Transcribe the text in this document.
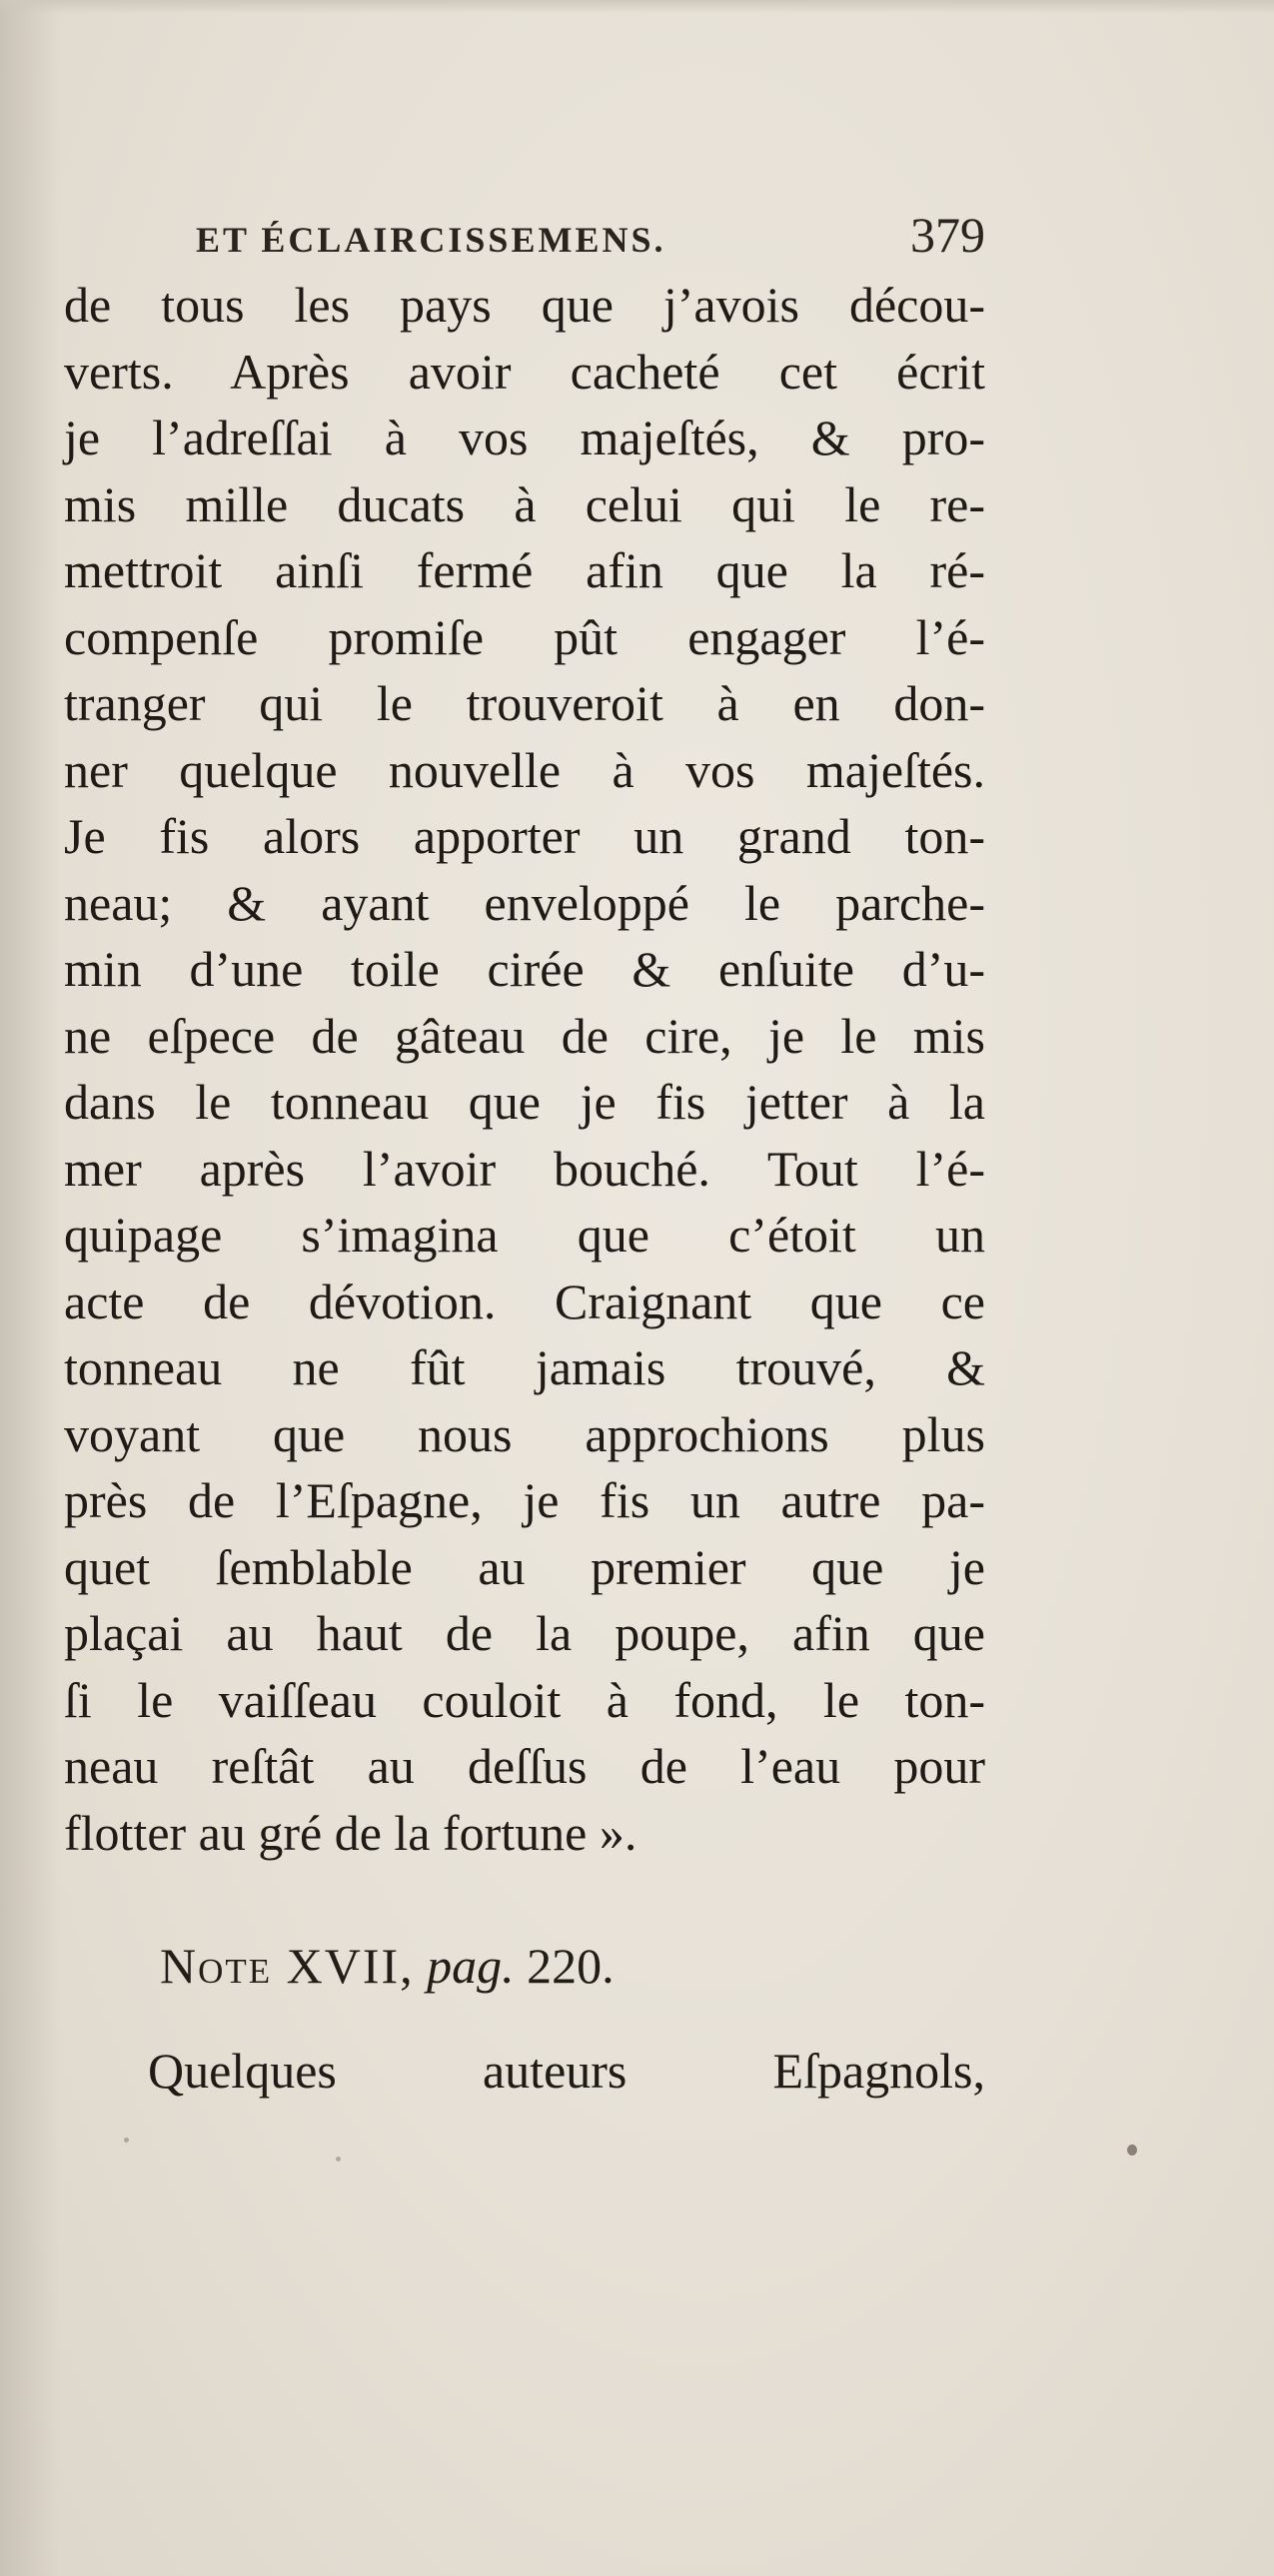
ET ÉCLAIRCISSEMENS.	379
de tous les pays que j’avois décou-
verts. Après avoir cacheté cet écrit
je l’adreſſai à vos majeſtés, & pro-
mis mille ducats à celui qui le re-
mettroit ainſi fermé afin que la ré-
compenſe promiſe pût engager l’é-
tranger qui le trouveroit à en don-
ner quelque nouvelle à vos majeſtés.
Je fis alors apporter un grand ton-
neau; & ayant enveloppé le parche-
min d’une toile cirée & enſuite d’u-
ne eſpece de gâteau de cire, je le mis
dans le tonneau que je fis jetter à la
mer après l’avoir bouché. Tout l’é-
quipage s’imagina que c’étoit un
acte de dévotion. Craignant que ce
tonneau ne fût jamais trouvé, &
voyant que nous approchions plus
près de l’Eſpagne, je fis un autre pa-
quet ſemblable au premier que je
plaçai au haut de la poupe, afin que
ſi le vaiſſeau couloit à fond, le ton-
neau reſtât au deſſus de l’eau pour
flotter au gré de la fortune ».
Note XVII, pag. 220.
Quelques auteurs Eſpagnols,
